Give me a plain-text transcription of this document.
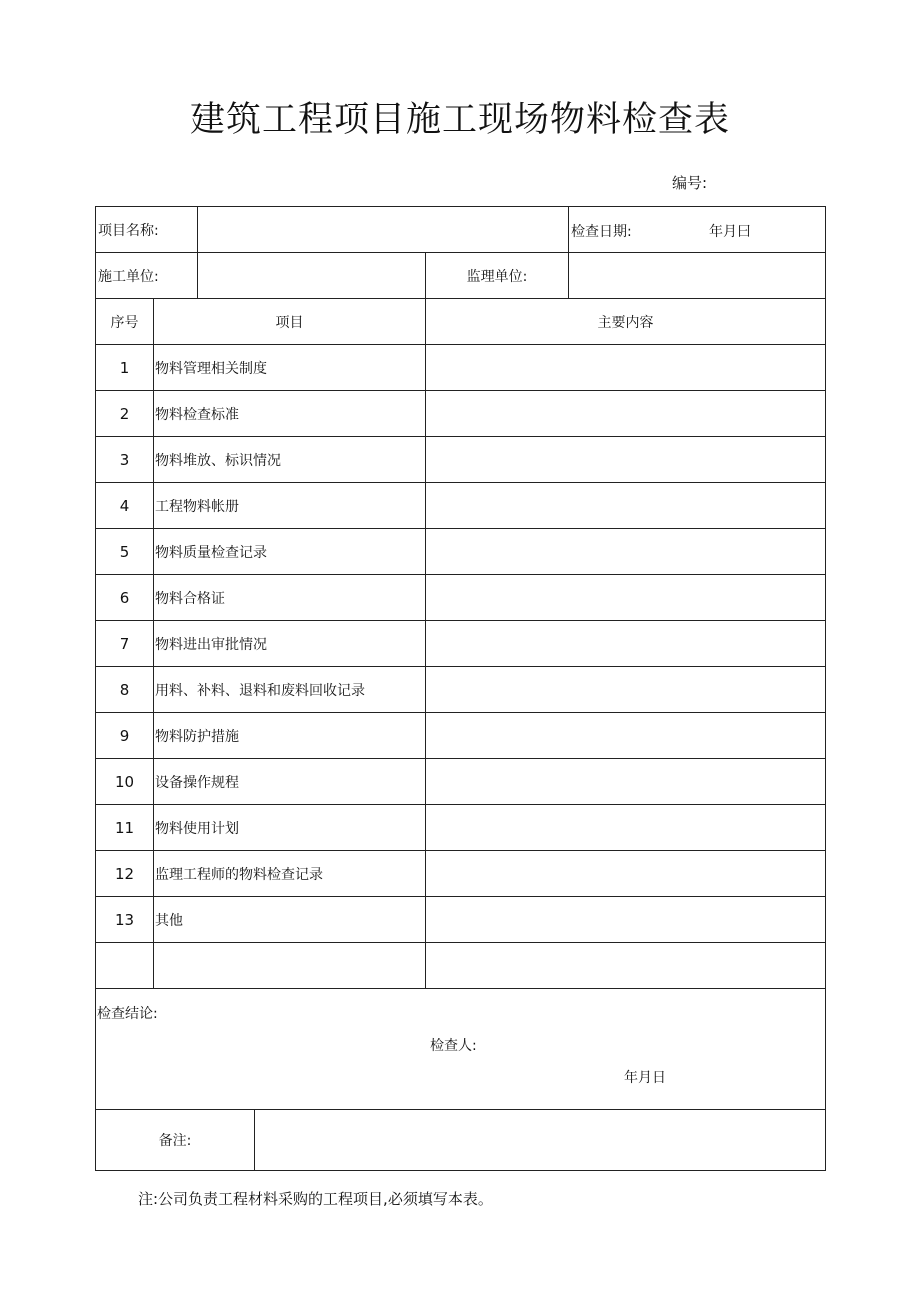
建筑工程项目施工现场物料检查表
编号:
项目名称:		检查日期:	年月曰

施工单位:		监理单位:	
序号	项目	主要内容
1	物料管理相关制度	
2	物料检查标准	
3	物料堆放、标识情况	
4	工程物料帐册	
5	物料质量检查记录	
6	物料合格证	
7	物料进出审批情况	
8	用料、补料、退料和废料回收记录	
9	物料防护措施	
10	设备操作规程	
11	物料使用计划	
12	监理工程师的物料检查记录	
13	其他	

检查结论:
检查人:
年月日

备注:	
注:公司负责工程材料采购的工程项目,必须填写本表。
